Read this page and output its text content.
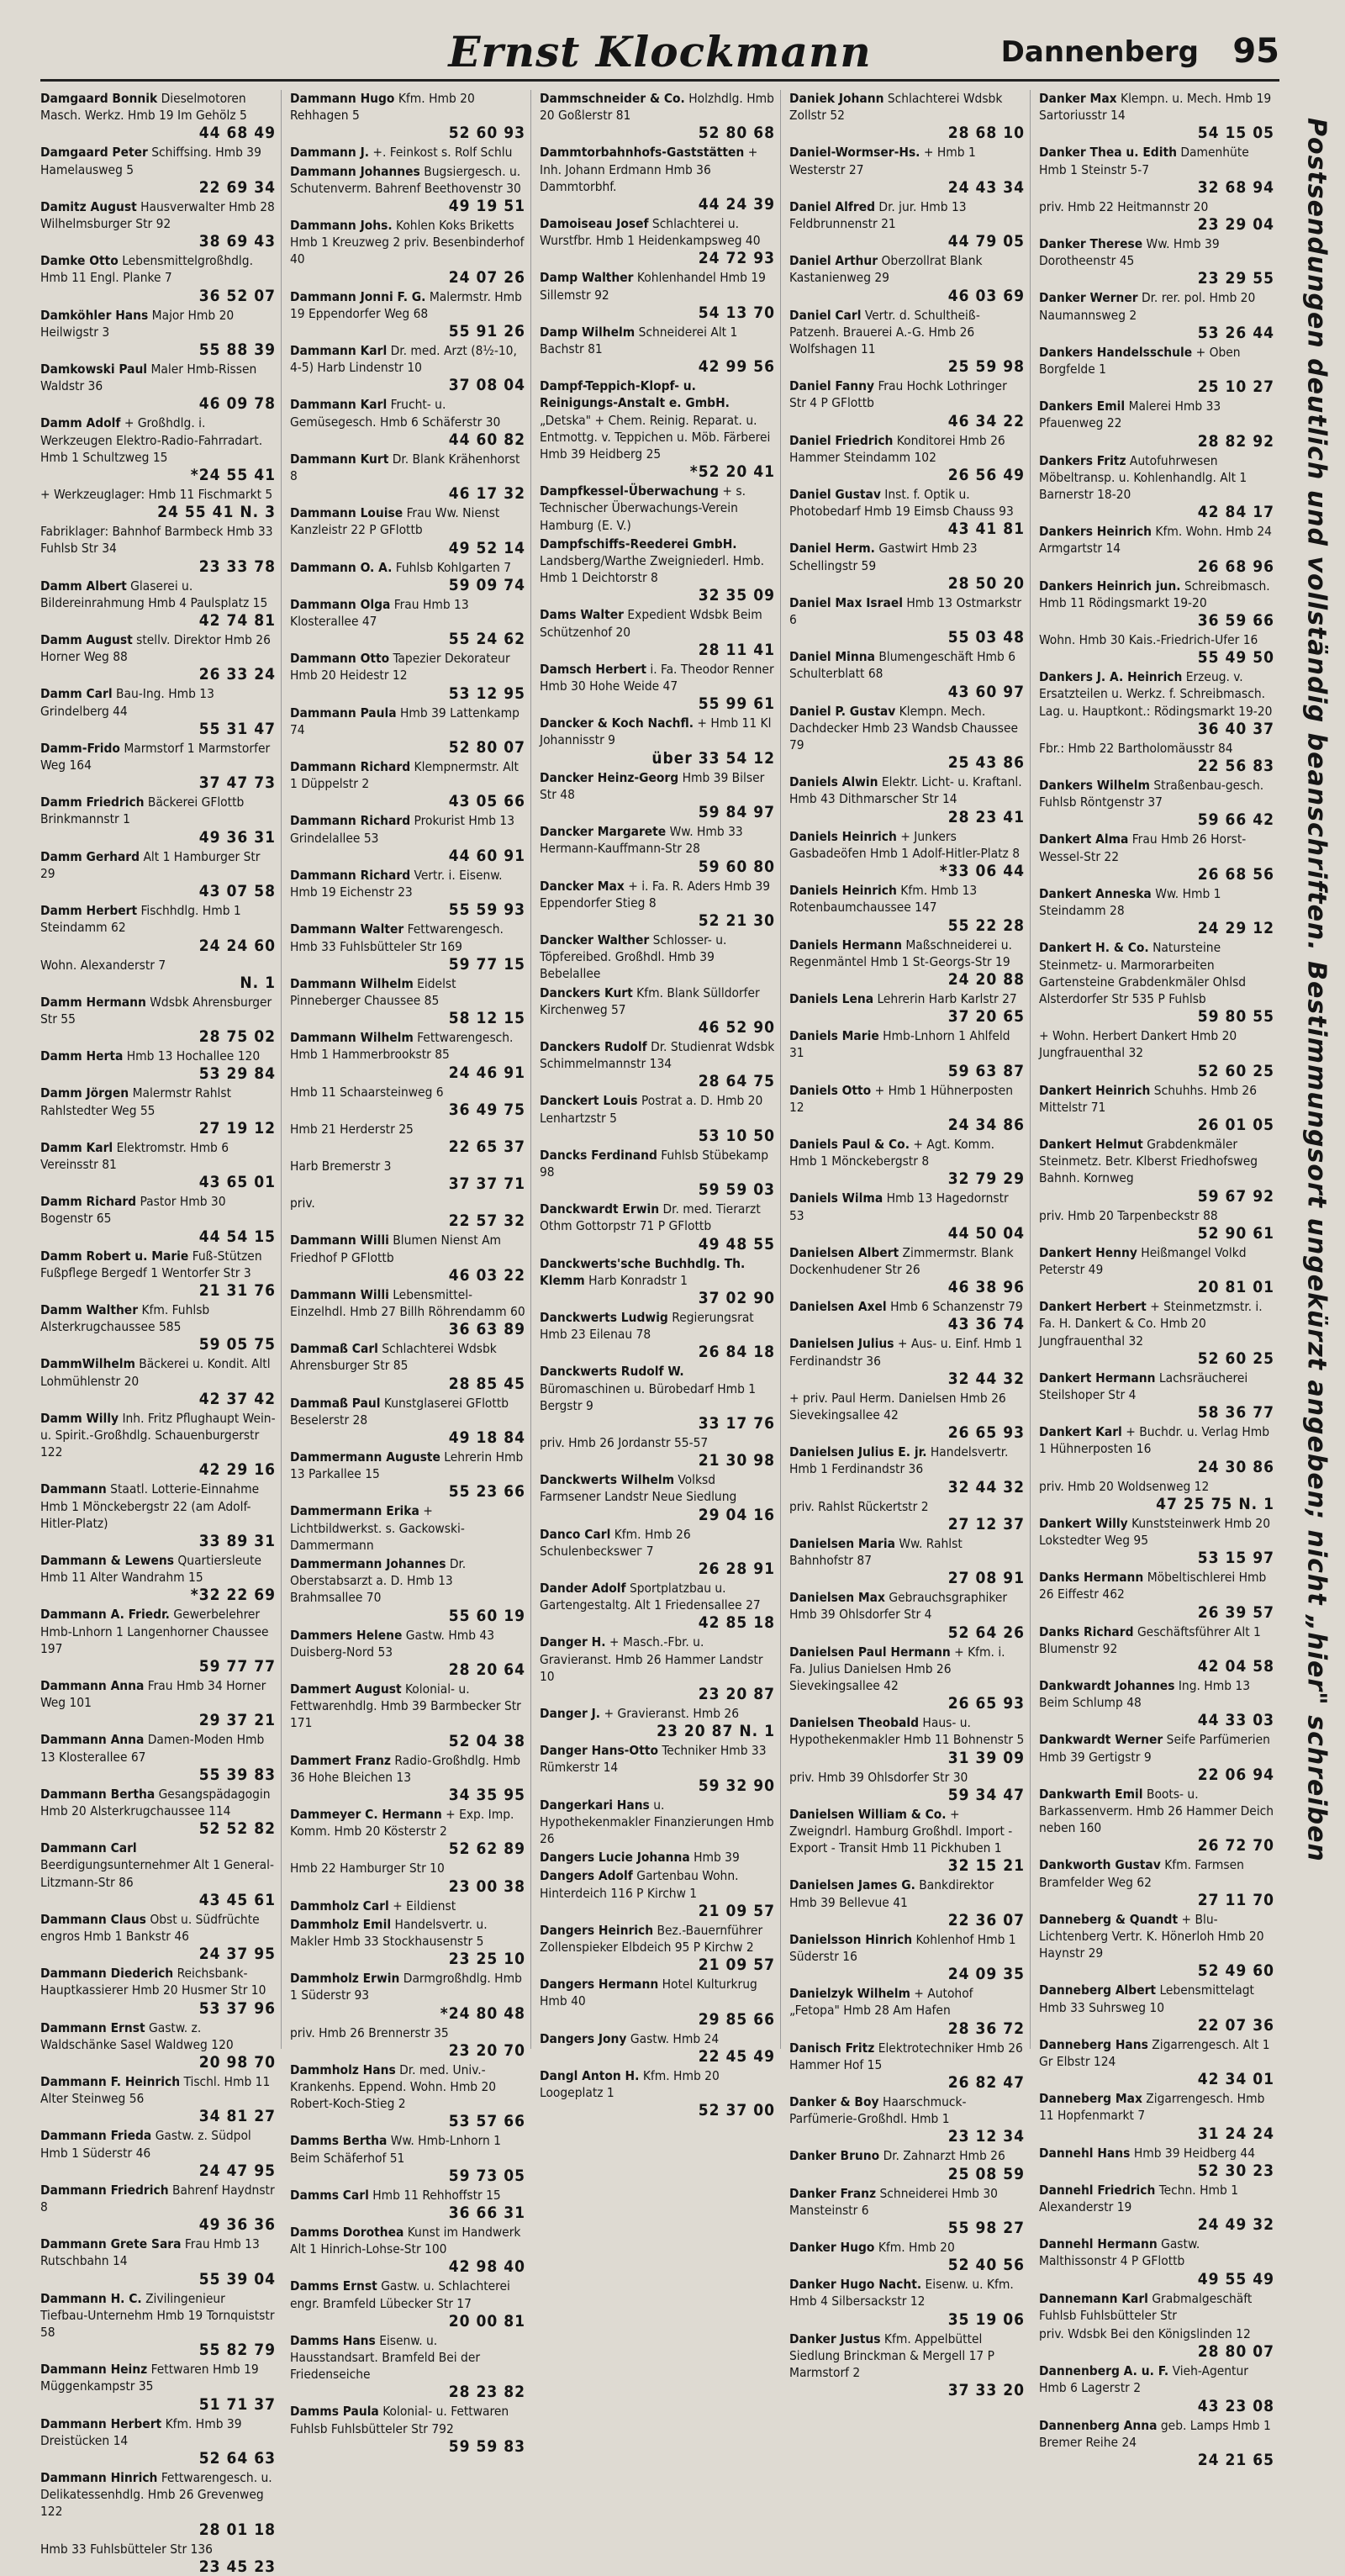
Ernst Klockmann	Dannenberg 95
Damgaard Bonnik Dieselmotoren Masch. Werkz. Hmb 19 Im Gehölz 5
44 68 49
Damgaard Peter Schiffsing. Hmb 39 Hamelausweg 5
22 69 34
Damitz August Hausverwalter Hmb 28 Wilhelmsburger Str 92
38 69 43
Damke Otto Lebensmittelgroßhdlg. Hmb 11 Engl. Planke 7
36 52 07
Damköhler Hans Major Hmb 20 Heilwigstr 3
55 88 39
Damkowski Paul Maler Hmb-Rissen Waldstr 36
46 09 78
Damm Adolf + Großhdlg. i. Werkzeugen Elektro-Radio-Fahrradart. Hmb 1 Schultzweg 15
*24 55 41
+ Werkzeuglager: Hmb 11 Fischmarkt 5
24 55 41 N. 3
Fabriklager: Bahnhof Barmbeck Hmb 33 Fuhlsb Str 34
23 33 78
Damm Albert Glaserei u. Bildereinrahmung Hmb 4 Paulsplatz 15
42 74 81
Damm August stellv. Direktor Hmb 26 Horner Weg 88
26 33 24
Damm Carl Bau-Ing. Hmb 13 Grindelberg 44
55 31 47
Damm-Frido Marmstorf 1 Marmstorfer Weg 164
37 47 73
Damm Friedrich Bäckerei GFlottb Brinkmannstr 1
49 36 31
Damm Gerhard Alt 1 Hamburger Str 29
43 07 58
Damm Herbert Fischhdlg. Hmb 1 Steindamm 62
24 24 60
Wohn. Alexanderstr 7
N. 1
Damm Hermann Wdsbk Ahrensburger Str 55
28 75 02
Damm Herta Hmb 13 Hochallee 120
53 29 84
Damm Jörgen Malermstr Rahlst Rahlstedter Weg 55
27 19 12
Damm Karl Elektromstr. Hmb 6 Vereinsstr 81
43 65 01
Damm Richard Pastor Hmb 30 Bogenstr 65
44 54 15
Damm Robert u. Marie Fuß-Stützen Fußpflege Bergedf 1 Wentorfer Str 3
21 31 76
Damm Walther Kfm. Fuhlsb Alsterkrugchaussee 585
59 05 75
DammWilhelm Bäckerei u. Kondit. Altl Lohmühlenstr 20
42 37 42
Damm Willy Inh. Fritz Pflughaupt Wein- u. Spirit.-Großhdlg. Schauenburgerstr 122
42 29 16
Dammann Staatl. Lotterie-Einnahme Hmb 1 Mönckebergstr 22 (am Adolf-Hitler-Platz)
33 89 31
Dammann & Lewens Quartiersleute Hmb 11 Alter Wandrahm 15
*32 22 69
Dammann A. Friedr. Gewerbelehrer Hmb-Lnhorn 1 Langenhorner Chaussee 197
59 77 77
Dammann Anna Frau Hmb 34 Horner Weg 101
29 37 21
Dammann Anna Damen-Moden Hmb 13 Klosterallee 67
55 39 83
Dammann Bertha Gesangspädagogin Hmb 20 Alsterkrugchaussee 114
52 52 82
Dammann Carl Beerdigungsunternehmer Alt 1 General-Litzmann-Str 86
43 45 61
Dammann Claus Obst u. Südfrüchte engros Hmb 1 Bankstr 46
24 37 95
Dammann Diederich Reichsbank-Hauptkassierer Hmb 20 Husmer Str 10
53 37 96
Dammann Ernst Gastw. z. Waldschänke Sasel Waldweg 120
20 98 70
Dammann F. Heinrich Tischl. Hmb 11 Alter Steinweg 56
34 81 27
Dammann Frieda Gastw. z. Südpol Hmb 1 Süderstr 46
24 47 95
Dammann Friedrich Bahrenf Haydnstr 8
49 36 36
Dammann Grete Sara Frau Hmb 13 Rutschbahn 14
55 39 04
Dammann H. C. Zivilingenieur Tiefbau-Unternehm Hmb 19 Tornquiststr 58
55 82 79
Dammann Heinz Fettwaren Hmb 19 Müggenkampstr 35
51 71 37
Dammann Herbert Kfm. Hmb 39 Dreistücken 14
52 64 63
Dammann Hinrich Fettwarengesch. u. Delikatessenhdlg. Hmb 26 Grevenweg 122
28 01 18
Hmb 33 Fuhlsbütteler Str 136
23 45 23
Dammann Hugo Kfm. Hmb 20 Rehhagen 5
52 60 93
Dammann J. +. Feinkost s. Rolf Schlu
Dammann Johannes Bugsiergesch. u. Schutenverm. Bahrenf Beethovenstr 30
49 19 51
Dammann Johs. Kohlen Koks Briketts Hmb 1 Kreuzweg 2 priv. Besenbinderhof 40
24 07 26
Dammann Jonni F. G. Malermstr. Hmb 19 Eppendorfer Weg 68
55 91 26
Dammann Karl Dr. med. Arzt (8½-10, 4-5) Harb Lindenstr 10
37 08 04
Dammann Karl Frucht- u. Gemüsegesch. Hmb 6 Schäferstr 30
44 60 82
Dammann Kurt Dr. Blank Krähenhorst 8
46 17 32
Dammann Louise Frau Ww. Nienst Kanzleistr 22 P GFlottb
49 52 14
Dammann O. A. Fuhlsb Kohlgarten 7
59 09 74
Dammann Olga Frau Hmb 13 Klosterallee 47
55 24 62
Dammann Otto Tapezier Dekorateur Hmb 20 Heidestr 12
53 12 95
Dammann Paula Hmb 39 Lattenkamp 74
52 80 07
Dammann Richard Klempnermstr. Alt 1 Düppelstr 2
43 05 66
Dammann Richard Prokurist Hmb 13 Grindelallee 53
44 60 91
Dammann Richard Vertr. i. Eisenw. Hmb 19 Eichenstr 23
55 59 93
Dammann Walter Fettwarengesch. Hmb 33 Fuhlsbütteler Str 169
59 77 15
Dammann Wilhelm Eidelst Pinneberger Chaussee 85
58 12 15
Dammann Wilhelm Fettwarengesch. Hmb 1 Hammerbrookstr 85
24 46 91
Hmb 11 Schaarsteinweg 6
36 49 75
Hmb 21 Herderstr 25
22 65 37
Harb Bremerstr 3
37 37 71
priv.
22 57 32
Dammann Willi Blumen Nienst Am Friedhof P GFlottb
46 03 22
Dammann Willi Lebensmittel-Einzelhdl. Hmb 27 Billh Röhrendamm 60
36 63 89
Dammaß Carl Schlachterei Wdsbk Ahrensburger Str 85
28 85 45
Dammaß Paul Kunstglaserei GFlottb Beselerstr 28
49 18 84
Dammermann Auguste Lehrerin Hmb 13 Parkallee 15
55 23 66
Dammermann Erika + Lichtbildwerkst. s. Gackowski-Dammermann
Dammermann Johannes Dr. Oberstabsarzt a. D. Hmb 13 Brahmsallee 70
55 60 19
Dammers Helene Gastw. Hmb 43 Duisberg-Nord 53
28 20 64
Dammert August Kolonial- u. Fettwarenhdlg. Hmb 39 Barmbecker Str 171
52 04 38
Dammert Franz Radio-Großhdlg. Hmb 36 Hohe Bleichen 13
34 35 95
Dammeyer C. Hermann + Exp. Imp. Komm. Hmb 20 Kösterstr 2
52 62 89
Hmb 22 Hamburger Str 10
23 00 38
Dammholz Carl + Eildienst
Dammholz Emil Handelsvertr. u. Makler Hmb 33 Stockhausenstr 5
23 25 10
Dammholz Erwin Darmgroßhdlg. Hmb 1 Süderstr 93
*24 80 48
priv. Hmb 26 Brennerstr 35
23 20 70
Dammholz Hans Dr. med. Univ.-Krankenhs. Eppend. Wohn. Hmb 20 Robert-Koch-Stieg 2
53 57 66
Damms Bertha Ww. Hmb-Lnhorn 1 Beim Schäferhof 51
59 73 05
Damms Carl Hmb 11 Rehhoffstr 15
36 66 31
Damms Dorothea Kunst im Handwerk Alt 1 Hinrich-Lohse-Str 100
42 98 40
Damms Ernst Gastw. u. Schlachterei engr. Bramfeld Lübecker Str 17
20 00 81
Damms Hans Eisenw. u. Hausstandsart. Bramfeld Bei der Friedenseiche
28 23 82
Damms Paula Kolonial- u. Fettwaren Fuhlsb Fuhlsbütteler Str 792
59 59 83
Dammschneider & Co. Holzhdlg. Hmb 20 Goßlerstr 81
52 80 68
Dammtorbahnhofs-Gaststätten + Inh. Johann Erdmann Hmb 36 Dammtorbhf.
44 24 39
Damoiseau Josef Schlachterei u. Wurstfbr. Hmb 1 Heidenkampsweg 40
24 72 93
Damp Walther Kohlenhandel Hmb 19 Sillemstr 92
54 13 70
Damp Wilhelm Schneiderei Alt 1 Bachstr 81
42 99 56
Dampf-Teppich-Klopf- u. Reinigungs-Anstalt e. GmbH. „Detska" + Chem. Reinig. Reparat. u. Entmottg. v. Teppichen u. Möb. Färberei Hmb 39 Heidberg 25
*52 20 41
Dampfkessel-Überwachung + s. Technischer Überwachungs-Verein Hamburg (E. V.)
Dampfschiffs-Reederei GmbH. Landsberg/Warthe Zweigniederl. Hmb. Hmb 1 Deichtorstr 8
32 35 09
Dams Walter Expedient Wdsbk Beim Schützenhof 20
28 11 41
Damsch Herbert i. Fa. Theodor Renner Hmb 30 Hohe Weide 47
55 99 61
Dancker & Koch Nachfl. + Hmb 11 Kl Johannisstr 9
über 33 54 12
Dancker Heinz-Georg Hmb 39 Bilser Str 48
59 84 97
Dancker Margarete Ww. Hmb 33 Hermann-Kauffmann-Str 28
59 60 80
Dancker Max + i. Fa. R. Aders Hmb 39 Eppendorfer Stieg 8
52 21 30
Dancker Walther Schlosser- u. Töpfereibed. Großhdl. Hmb 39 Bebelallee
Danckers Kurt Kfm. Blank Sülldorfer Kirchenweg 57
46 52 90
Danckers Rudolf Dr. Studienrat Wdsbk Schimmelmannstr 134
28 64 75
Danckert Louis Postrat a. D. Hmb 20 Lenhartzstr 5
53 10 50
Dancks Ferdinand Fuhlsb Stübekamp 98
59 59 03
Danckwardt Erwin Dr. med. Tierarzt Othm Gottorpstr 71 P GFlottb
49 48 55
Danckwerts'sche Buchhdlg. Th. Klemm Harb Konradstr 1
37 02 90
Danckwerts Ludwig Regierungsrat Hmb 23 Eilenau 78
26 84 18
Danckwerts Rudolf W. Büromaschinen u. Bürobedarf Hmb 1 Bergstr 9
33 17 76
priv. Hmb 26 Jordanstr 55-57
21 30 98
Danckwerts Wilhelm Volksd Farmsener Landstr Neue Siedlung
29 04 16
Danco Carl Kfm. Hmb 26 Schulenbeckswег 7
26 28 91
Dander Adolf Sportplatzbau u. Gartengestaltg. Alt 1 Friedensallee 27
42 85 18
Danger H. + Masch.-Fbr. u. Gravieranst. Hmb 26 Hammer Landstr 10
23 20 87
Danger J. + Gravieranst. Hmb 26
23 20 87 N. 1
Danger Hans-Otto Techniker Hmb 33 Rümkerstr 14
59 32 90
Dangerkari Hans u. Hypothekenmakler Finanzierungen Hmb 26
Dangers Lucie Johanna Hmb 39
Dangers Adolf Gartenbau Wohn. Hinterdeich 116 P Kirchw 1
21 09 57
Dangers Heinrich Bez.-Bauernführer Zollenspieker Elbdeich 95 P Kirchw 2
21 09 57
Dangers Hermann Hotel Kulturkrug Hmb 40
29 85 66
Dangers Jony Gastw. Hmb 24
22 45 49
Dangl Anton H. Kfm. Hmb 20 Loogeplatz 1
52 37 00
Daniek Johann Schlachterei Wdsbk Zollstr 52
28 68 10
Daniel-Wormser-Hs. + Hmb 1 Westerstr 27
24 43 34
Daniel Alfred Dr. jur. Hmb 13 Feldbrunnenstr 21
44 79 05
Daniel Arthur Oberzollrat Blank Kastanienweg 29
46 03 69
Daniel Carl Vertr. d. Schultheiß-Patzenh. Brauerei A.-G. Hmb 26 Wolfshagen 11
25 59 98
Daniel Fanny Frau Hochk Lothringer Str 4 P GFlottb
46 34 22
Daniel Friedrich Konditorei Hmb 26 Hammer Steindamm 102
26 56 49
Daniel Gustav Inst. f. Optik u. Photobedarf Hmb 19 Eimsb Chauss 93
43 41 81
Daniel Herm. Gastwirt Hmb 23 Schellingstr 59
28 50 20
Daniel Max Israel Hmb 13 Ostmarkstr 6
55 03 48
Daniel Minna Blumengeschäft Hmb 6 Schulterblatt 68
43 60 97
Daniel P. Gustav Klempn. Mech. Dachdecker Hmb 23 Wandsb Chaussee 79
25 43 86
Daniels Alwin Elektr. Licht- u. Kraftanl. Hmb 43 Dithmarscher Str 14
28 23 41
Daniels Heinrich + Junkers Gasbadeöfen Hmb 1 Adolf-Hitler-Platz 8
*33 06 44
Daniels Heinrich Kfm. Hmb 13 Rotenbaumchaussee 147
55 22 28
Daniels Hermann Maßschneiderei u. Regenmäntel Hmb 1 St-Georgs-Str 19
24 20 88
Daniels Lena Lehrerin Harb Karlstr 27
37 20 65
Daniels Marie Hmb-Lnhorn 1 Ahlfeld 31
59 63 87
Daniels Otto + Hmb 1 Hühnerposten 12
24 34 86
Daniels Paul & Co. + Agt. Komm. Hmb 1 Mönckebergstr 8
32 79 29
Daniels Wilma Hmb 13 Hagedornstr 53
44 50 04
Danielsen Albert Zimmermstr. Blank Dockenhudener Str 26
46 38 96
Danielsen Axel Hmb 6 Schanzenstr 79
43 36 74
Danielsen Julius + Aus- u. Einf. Hmb 1 Ferdinandstr 36
32 44 32
+ priv. Paul Herm. Danielsen Hmb 26 Sievekingsallee 42
26 65 93
Danielsen Julius E. jr. Handelsvertr. Hmb 1 Ferdinandstr 36
32 44 32
priv. Rahlst Rückertstr 2
27 12 37
Danielsen Maria Ww. Rahlst Bahnhofstr 87
27 08 91
Danielsen Max Gebrauchsgraphiker Hmb 39 Ohlsdorfer Str 4
52 64 26
Danielsen Paul Hermann + Kfm. i. Fa. Julius Danielsen Hmb 26 Sievekingsallee 42
26 65 93
Danielsen Theobald Haus- u. Hypothekenmakler Hmb 11 Bohnenstr 5
31 39 09
priv. Hmb 39 Ohlsdorfer Str 30
59 34 47
Danielsen William & Co. + Zweigndrl. Hamburg Großhdl. Import - Export - Transit Hmb 11 Pickhuben 1
32 15 21
Danielsen James G. Bankdirektor Hmb 39 Bellevue 41
22 36 07
Danielsson Hinrich Kohlenhof Hmb 1 Süderstr 16
24 09 35
Danielzyk Wilhelm + Autohof „Fetopa" Hmb 28 Am Hafen
28 36 72
Danisch Fritz Elektrotechniker Hmb 26 Hammer Hof 15
26 82 47
Danker & Boy Haarschmuck-Parfümerie-Großhdl. Hmb 1
23 12 34
Danker Bruno Dr. Zahnarzt Hmb 26
25 08 59
Danker Franz Schneiderei Hmb 30 Mansteinstr 6
55 98 27
Danker Hugo Kfm. Hmb 20
52 40 56
Danker Hugo Nacht. Eisenw. u. Kfm. Hmb 4 Silbersackstr 12
35 19 06
Danker Justus Kfm. Appelbüttel Siedlung Brinckman & Mergell 17 P Marmstorf 2
37 33 20
Danker Max Klempn. u. Mech. Hmb 19 Sartoriusstr 14
54 15 05
Danker Thea u. Edith Damenhüte Hmb 1 Steinstr 5-7
32 68 94
priv. Hmb 22 Heitmannstr 20
23 29 04
Danker Therese Ww. Hmb 39 Dorotheenstr 45
23 29 55
Danker Werner Dr. rer. pol. Hmb 20 Naumannsweg 2
53 26 44
Dankers Handelsschule + Oben Borgfelde 1
25 10 27
Dankers Emil Malerei Hmb 33 Pfauenweg 22
28 82 92
Dankers Fritz Autofuhrwesen Möbeltransp. u. Kohlenhandlg. Alt 1 Barnerstr 18-20
42 84 17
Dankers Heinrich Kfm. Wohn. Hmb 24 Armgartstr 14
26 68 96
Dankers Heinrich jun. Schreibmasch. Hmb 11 Rödingsmarkt 19-20
36 59 66
Wohn. Hmb 30 Kais.-Friedrich-Ufer 16
55 49 50
Dankers J. A. Heinrich Erzeug. v. Ersatzteilen u. Werkz. f. Schreibmasch. Lag. u. Hauptkont.: Rödingsmarkt 19-20
36 40 37
Fbr.: Hmb 22 Bartholomäusstr 84
22 56 83
Dankers Wilhelm Straßenbau-gesch. Fuhlsb Röntgenstr 37
59 66 42
Dankert Alma Frau Hmb 26 Horst-Wessel-Str 22
26 68 56
Dankert Anneska Ww. Hmb 1 Steindamm 28
24 29 12
Dankert H. & Co. Natursteine Steinmetz- u. Marmorarbeiten Gartensteine Grabdenkmäler Ohlsd Alsterdorfer Str 535 P Fuhlsb
59 80 55
+ Wohn. Herbert Dankert Hmb 20 Jungfrauenthal 32
52 60 25
Dankert Heinrich Schuhhs. Hmb 26 Mittelstr 71
26 01 05
Dankert Helmut Grabdenkmäler Steinmetz. Betr. Klberst Friedhofsweg Bahnh. Kornweg
59 67 92
priv. Hmb 20 Tarpenbeckstr 88
52 90 61
Dankert Henny Heißmangel Volkd Peterstr 49
20 81 01
Dankert Herbert + Steinmetzmstr. i. Fa. H. Dankert & Co. Hmb 20 Jungfrauenthal 32
52 60 25
Dankert Hermann Lachsräucherei Steilshoper Str 4
58 36 77
Dankert Karl + Buchdr. u. Verlag Hmb 1 Hühnerposten 16
24 30 86
priv. Hmb 20 Woldsenweg 12
47 25 75 N. 1
Dankert Willy Kunststeinwerk Hmb 20 Lokstedter Weg 95
53 15 97
Danks Hermann Möbeltischlerei Hmb 26 Eiffestr 462
26 39 57
Danks Richard Geschäftsführer Alt 1 Blumenstr 92
42 04 58
Dankwardt Johannes Ing. Hmb 13 Beim Schlump 48
44 33 03
Dankwardt Werner Seife Parfümerien Hmb 39 Gertigstr 9
22 06 94
Dankwarth Emil Boots- u. Barkassenverm. Hmb 26 Hammer Deich neben 160
26 72 70
Dankworth Gustav Kfm. Farmsen Bramfelder Weg 62
27 11 70
Danneberg & Quandt + Blu-Lichtenberg Vertr. K. Hönerloh Hmb 20 Haynstr 29
52 49 60
Danneberg Albert Lebensmittelagt Hmb 33 Suhrsweg 10
22 07 36
Danneberg Hans Zigarrengesch. Alt 1 Gr Elbstr 124
42 34 01
Danneberg Max Zigarrengesch. Hmb 11 Hopfenmarkt 7
31 24 24
Dannehl Hans Hmb 39 Heidberg 44
52 30 23
Dannehl Friedrich Techn. Hmb 1 Alexanderstr 19
24 49 32
Dannehl Hermann Gastw. Malthissonstr 4 P GFlottb
49 55 49
Dannemann Karl Grabmalgeschäft Fuhlsb Fuhlsbütteler Str
priv. Wdsbk Bei den Königslinden 12
28 80 07
Dannenberg A. u. F. Vieh-Agentur Hmb 6 Lagerstr 2
43 23 08
Dannenberg Anna geb. Lamps Hmb 1 Bremer Reihe 24
24 21 65
Postsendungen deutlich und vollständig beanschriften. Bestimmungsort ungekürzt angeben; nicht „hier" schreiben
